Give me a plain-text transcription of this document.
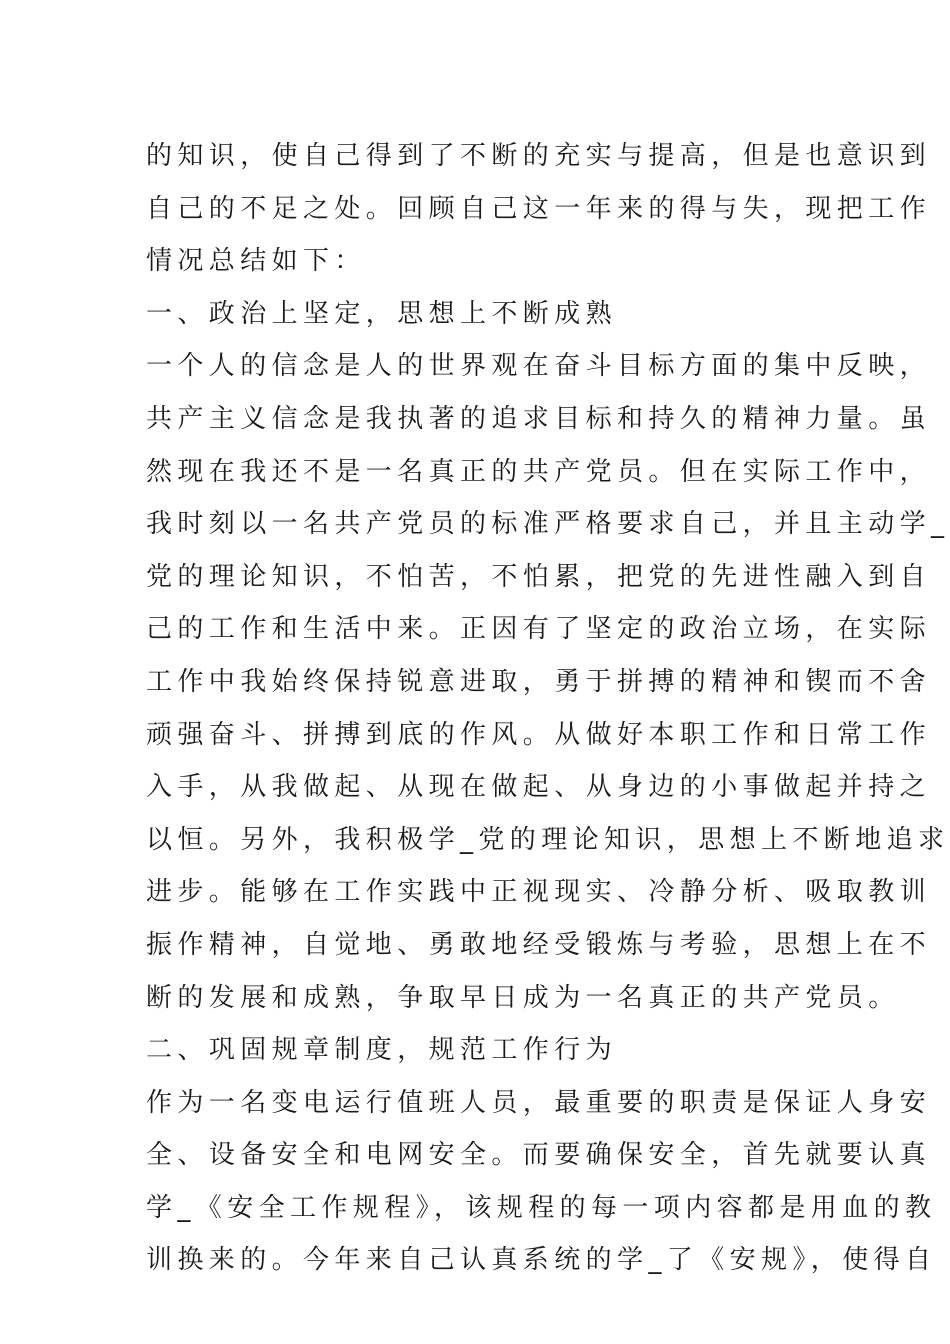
的知识，使自己得到了不断的充实与提高，但是也意识到
自己的不足之处。回顾自己这一年来的得与失，现把工作
情况总结如下：
一、政治上坚定，思想上不断成熟
一个人的信念是人的世界观在奋斗目标方面的集中反映，
共产主义信念是我执著的追求目标和持久的精神力量。虽
然现在我还不是一名真正的共产党员。但在实际工作中，
我时刻以一名共产党员的标准严格要求自己，并且主动学_
党的理论知识，不怕苦，不怕累，把党的先进性融入到自
己的工作和生活中来。正因有了坚定的政治立场，在实际
工作中我始终保持锐意进取，勇于拼搏的精神和锲而不舍
顽强奋斗、拼搏到底的作风。从做好本职工作和日常工作
入手，从我做起、从现在做起、从身边的小事做起并持之
以恒。另外，我积极学_党的理论知识，思想上不断地追求
进步。能够在工作实践中正视现实、冷静分析、吸取教训
振作精神，自觉地、勇敢地经受锻炼与考验，思想上在不
断的发展和成熟，争取早日成为一名真正的共产党员。
二、巩固规章制度，规范工作行为
作为一名变电运行值班人员，最重要的职责是保证人身安
全、设备安全和电网安全。而要确保安全，首先就要认真
学_《安全工作规程》，该规程的每一项内容都是用血的教
训换来的。今年来自己认真系统的学_了《安规》，使得自
